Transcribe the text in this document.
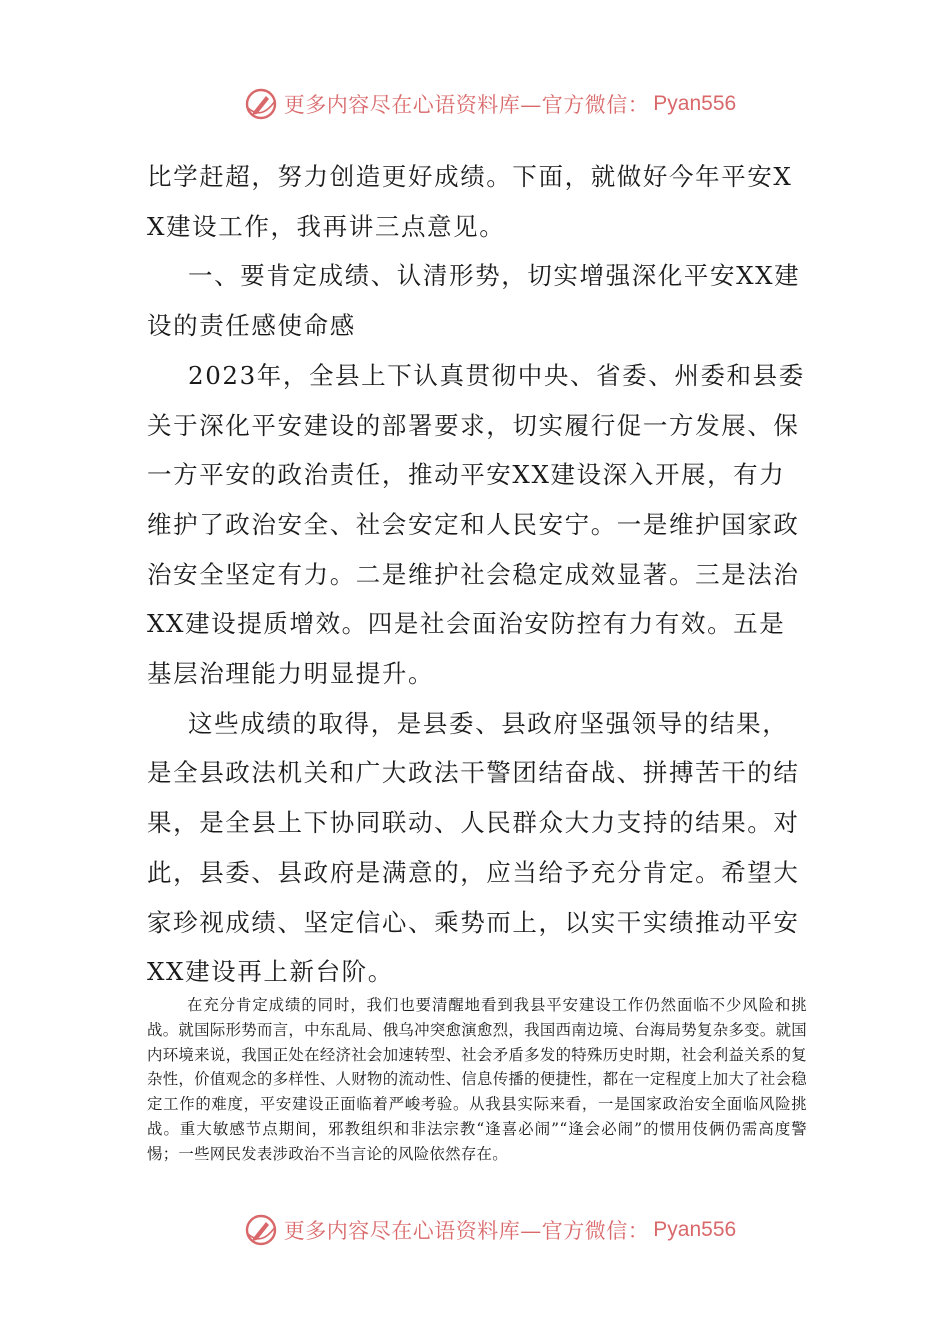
更多内容尽在心语资料库—官方微信： Pyan556

比学赶超，努力创造更好成绩。下面，就做好今年平安XX建设工作，我再讲三点意见。

一、要肯定成绩、认清形势，切实增强深化平安XX建设的责任感使命感

2023年，全县上下认真贯彻中央、省委、州委和县委关于深化平安建设的部署要求，切实履行促一方发展、保一方平安的政治责任，推动平安XX建设深入开展，有力维护了政治安全、社会安定和人民安宁。一是维护国家政治安全坚定有力。二是维护社会稳定成效显著。三是法治XX建设提质增效。四是社会面治安防控有力有效。五是基层治理能力明显提升。

这些成绩的取得，是县委、县政府坚强领导的结果，是全县政法机关和广大政法干警团结奋战、拼搏苦干的结果，是全县上下协同联动、人民群众大力支持的结果。对此，县委、县政府是满意的，应当给予充分肯定。希望大家珍视成绩、坚定信心、乘势而上，以实干实绩推动平安XX建设再上新台阶。

在充分肯定成绩的同时，我们也要清醒地看到我县平安建设工作仍然面临不少风险和挑战。就国际形势而言，中东乱局、俄乌冲突愈演愈烈，我国西南边境、台海局势复杂多变。就国内环境来说，我国正处在经济社会加速转型、社会矛盾多发的特殊历史时期，社会利益关系的复杂性，价值观念的多样性、人财物的流动性、信息传播的便捷性，都在一定程度上加大了社会稳定工作的难度，平安建设正面临着严峻考验。从我县实际来看，一是国家政治安全面临风险挑战。重大敏感节点期间，邪教组织和非法宗教“逢喜必闹”“逢会必闹”的惯用伎俩仍需高度警惕；一些网民发表涉政治不当言论的风险依然存在。

更多内容尽在心语资料库—官方微信： Pyan556
